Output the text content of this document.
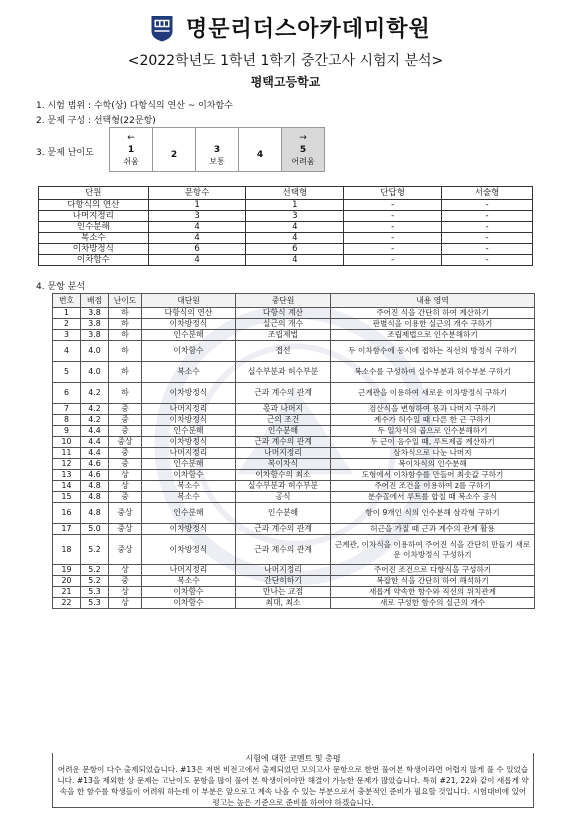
명문리더스아카데미학원
<2022학년도 1학년 1학기 중간고사 시험지 분석>
평택고등학교
1. 시험 범위 : 수학(상) 다항식의 연산 ~ 이차함수
2. 문제 구성 : 선택형(22문항)
3. 문제 난이도
←
1
쉬움

2	3
보통

4

→
5
어려움
단원	문항수	선택형	단답형	서술형
다항식의 연산	1	1	-	-
나머지정리	3	3	-	-
인수분해	4	4	-	-
복소수	4	4	-	-
이차방정식	6	6	-	-
이차함수	4	4	-	-
4. 문항 분석
번호	배점	난이도	대단원	중단원	내용 영역
1	3.8	하	다항식의 연산	다항식 계산	주어진 식을 간단히 하여 계산하기
2	3.8	하	이차방정식	실근의 개수	판별식을 이용한 실근의 개수 구하기
3	3.8	하	인수분해	조립제법	조립제법으로 인수분해하기
4	4.0	하	이차함수	접선	두 이차함수에 동시에 접하는 직선의 방정식 구하기
5	4.0	하	복소수	실수부분과 허수부분	복소수를 구성하여 실수부분과 허수부분 구하기
6	4.2	하	이차방정식	근과 계수의 관계	근계관을 이용하여 새로운 이차방정식 구하기
7	4.2	중	나머지정리	몫과 나머지	검산식을 변형하여 몫과 나머지 구하기
8	4.2	중	이차방정식	근의 조건	계수가 허수일 때 다른 한 근 구하기
9	4.4	중	인수분해	인수분해	두 일차식의 곱으로 인수분해하기
10	4.4	중상	이차방정식	근과 계수의 관계	두 근이 음수일 때, 루트제곱 계산하기
11	4.4	중	나머지정리	나머지정리	삼차식으로 나눈 나머지
12	4.6	중	인수분해	복이차식	복이차식의 인수분해
13	4.6	상	이차함수	이차함수의 최소	도형에서 이차함수를 만들어 최솟값 구하기
14	4.8	상	복소수	실수부분과 허수부분	주어진 조건을 이용하여 z를 구하기
15	4.8	중	복소수	공식	분수꼴에서 루트를 합칠 때 복소수 공식
16	4.8	중상	인수분해	인수분해	항이 9개인 식의 인수분해 삼각형 구하기
17	5.0	중상	이차방정식	근과 계수의 관계	허근을 가질 때 근과 계수의 관계 활용
18	5.2	중상	이차방정식	근과 계수의 관계	근계관, 이차식을 이용하여 주어진 식을 간단히 만들기 새로운 이차방정식 구성하기
19	5.2	상	나머지정리	나머지정리	주어진 조건으로 다항식을 구성하기
20	5.2	중	복소수	간단히하기	복잡한 식을 간단히 하여 해석하기
21	5.3	상	이차함수	만나는 교점	새롭게 약속한 함수와 직선의 위치관계
22	5.3	상	이차함수	최대, 최소	새로 구성한 함수의 실근의 개수
시험에 대한 코멘트 및 총평
어려운 문항이 다수 출제되었습니다. #13은 저번 비전고에서 출제되었던 모의고사 문항으로 한번 풀어본 학생이라면 어렵지 않게 풀 수 있었습니다. #13을 제외한 상 문제는 고난이도 문항을 많이 풀어 본 학생이어야만 해결이 가능한 문제가 많았습니다. 특히 #21, 22와 같이 새롭게 약속을 한 함수를 학생들이 어려워 하는데 이 부분은 앞으로고 계속 나올 수 있는 부분으로서 충분적인 준비가 필요할 것입니다. 시험대비에 있어 평고는 높은 기준으로 준비를 하여야 하겠습니다.
